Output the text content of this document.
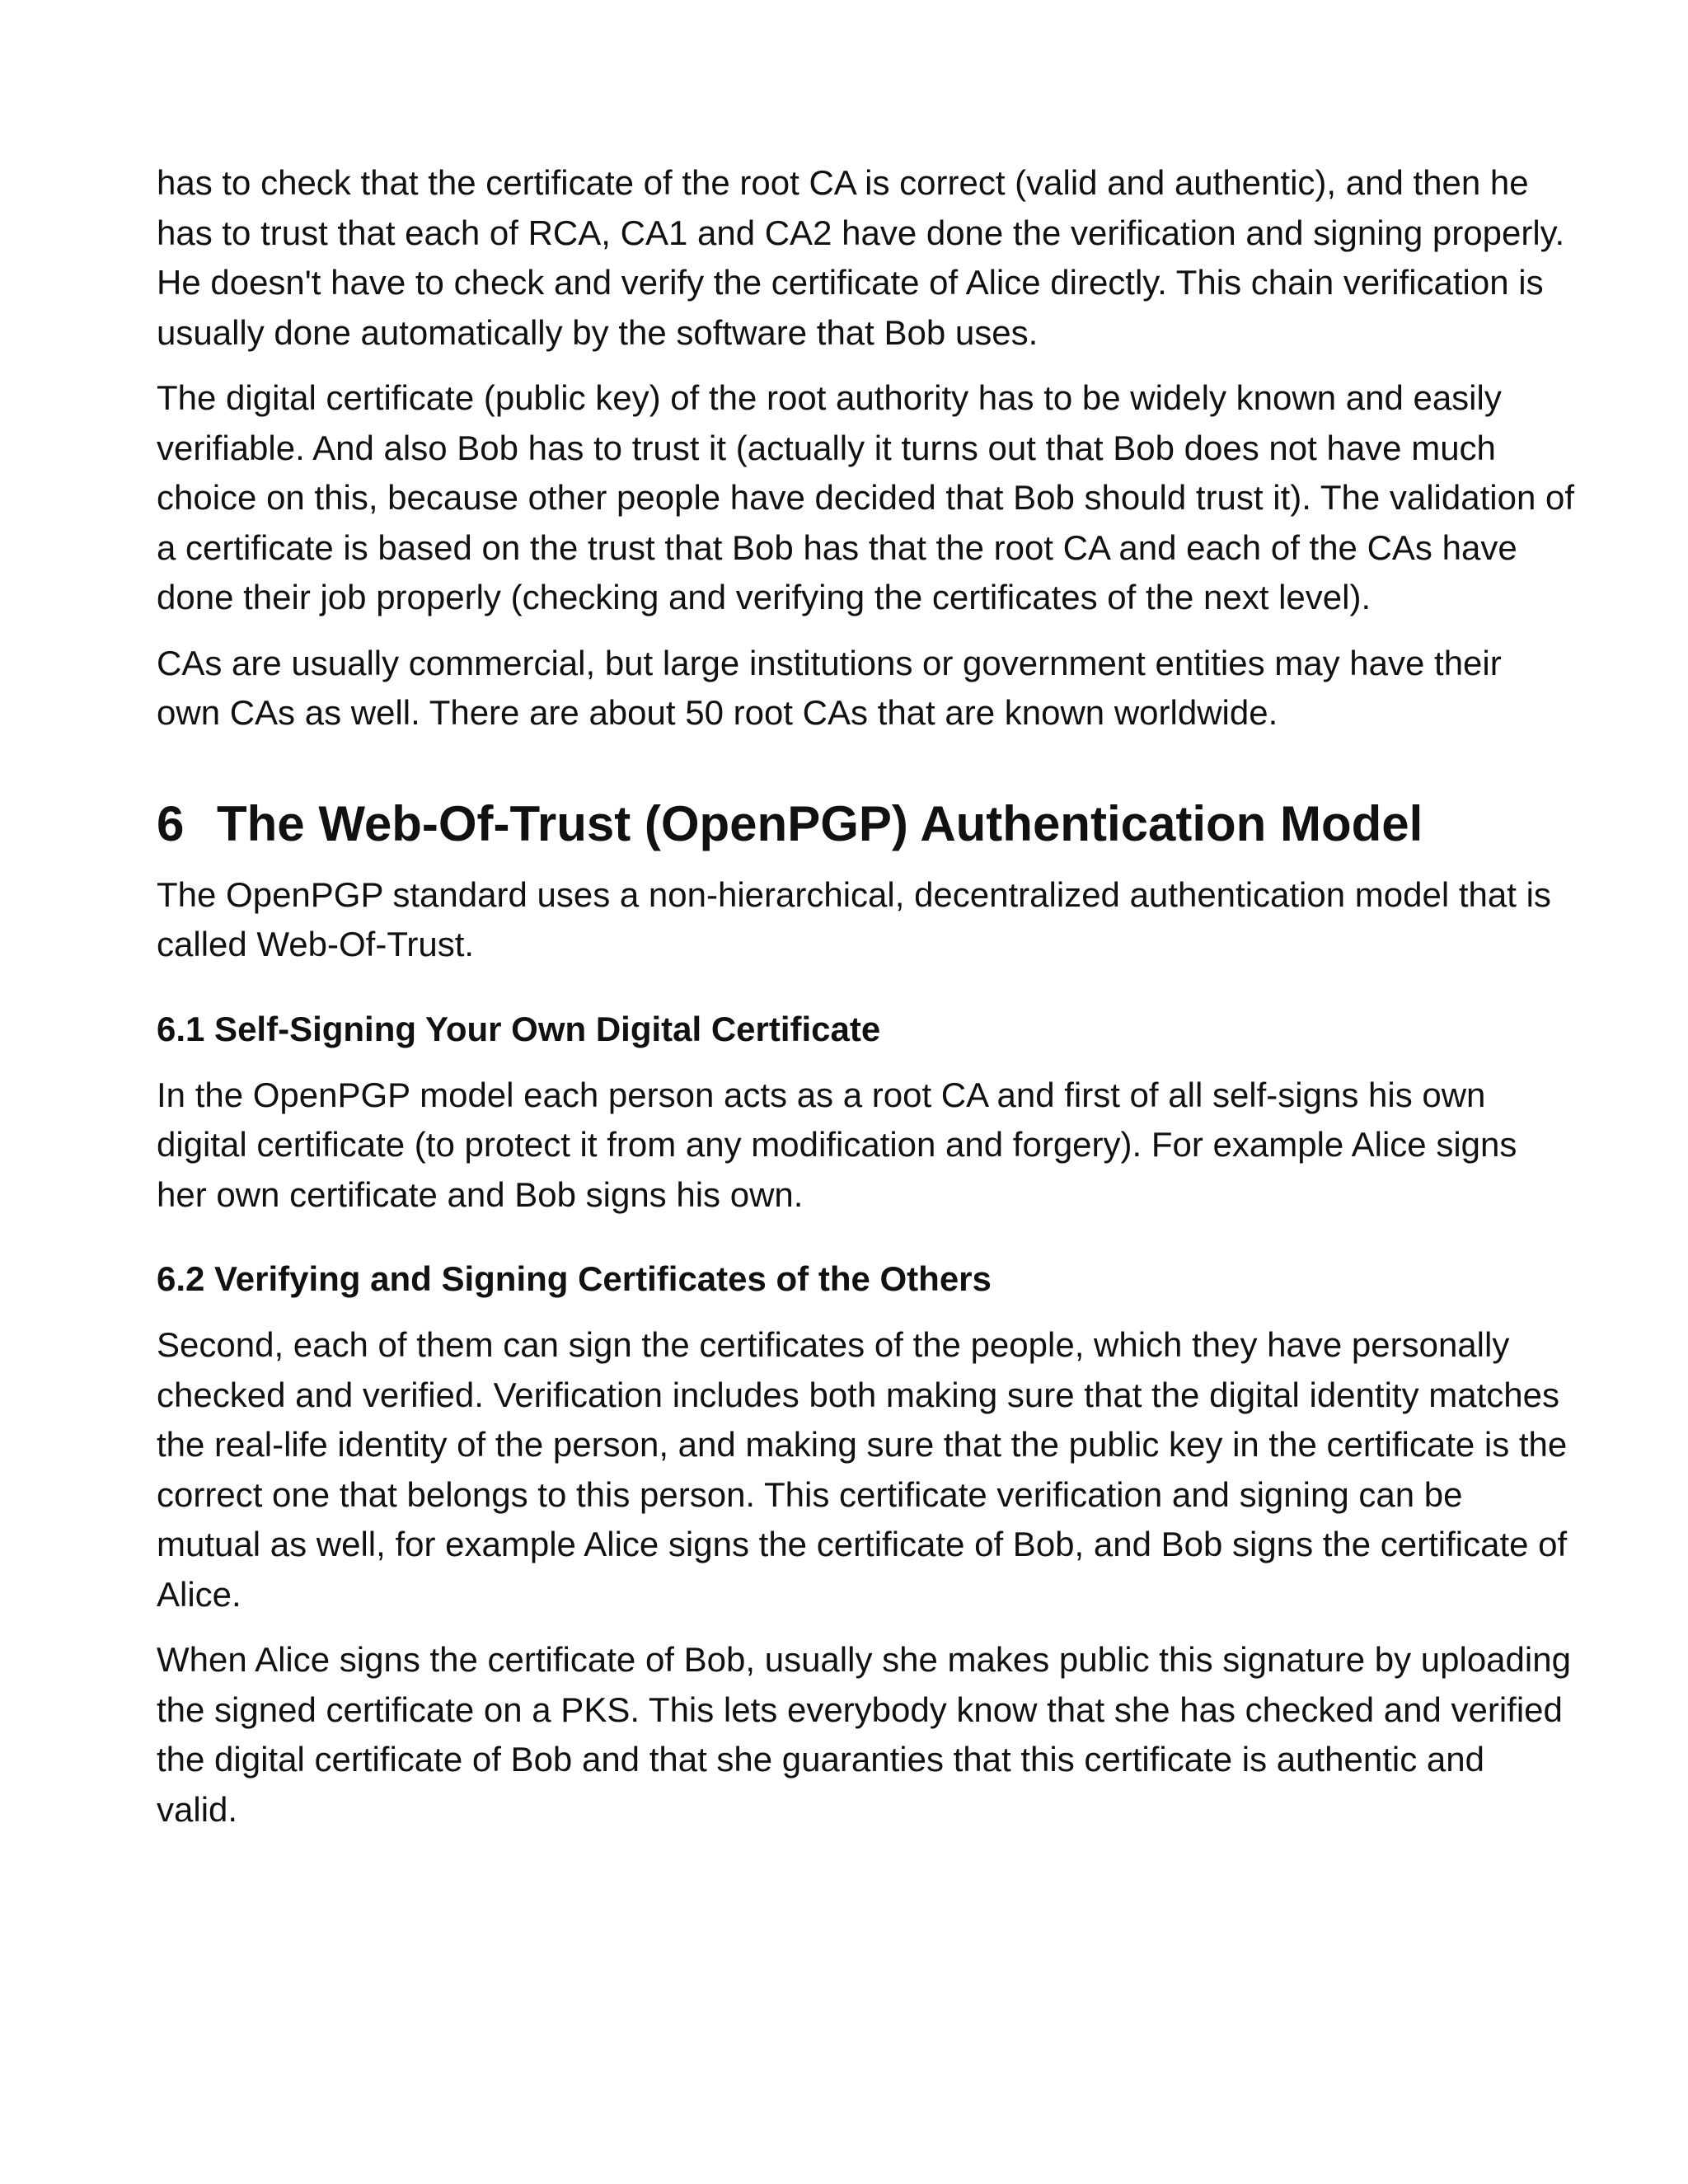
has to check that the certificate of the root CA is correct (valid and authentic), and then he has to trust that each of RCA, CA1 and CA2 have done the verification and signing properly. He doesn't have to check and verify the certificate of Alice directly. This chain verification is usually done automatically by the software that Bob uses.

The digital certificate (public key) of the root authority has to be widely known and easily verifiable. And also Bob has to trust it (actually it turns out that Bob does not have much choice on this, because other people have decided that Bob should trust it). The validation of a certificate is based on the trust that Bob has that the root CA and each of the CAs have done their job properly (checking and verifying the certificates of the next level).

CAs are usually commercial, but large institutions or government entities may have their own CAs as well. There are about 50 root CAs that are known worldwide.

6 The Web-Of-Trust (OpenPGP) Authentication Model

The OpenPGP standard uses a non-hierarchical, decentralized authentication model that is called Web-Of-Trust.

6.1 Self-Signing Your Own Digital Certificate

In the OpenPGP model each person acts as a root CA and first of all self-signs his own digital certificate (to protect it from any modification and forgery). For example Alice signs her own certificate and Bob signs his own.

6.2 Verifying and Signing Certificates of the Others

Second, each of them can sign the certificates of the people, which they have personally checked and verified. Verification includes both making sure that the digital identity matches the real-life identity of the person, and making sure that the public key in the certificate is the correct one that belongs to this person. This certificate verification and signing can be mutual as well, for example Alice signs the certificate of Bob, and Bob signs the certificate of Alice.

When Alice signs the certificate of Bob, usually she makes public this signature by uploading the signed certificate on a PKS. This lets everybody know that she has checked and verified the digital certificate of Bob and that she guaranties that this certificate is authentic and valid.
